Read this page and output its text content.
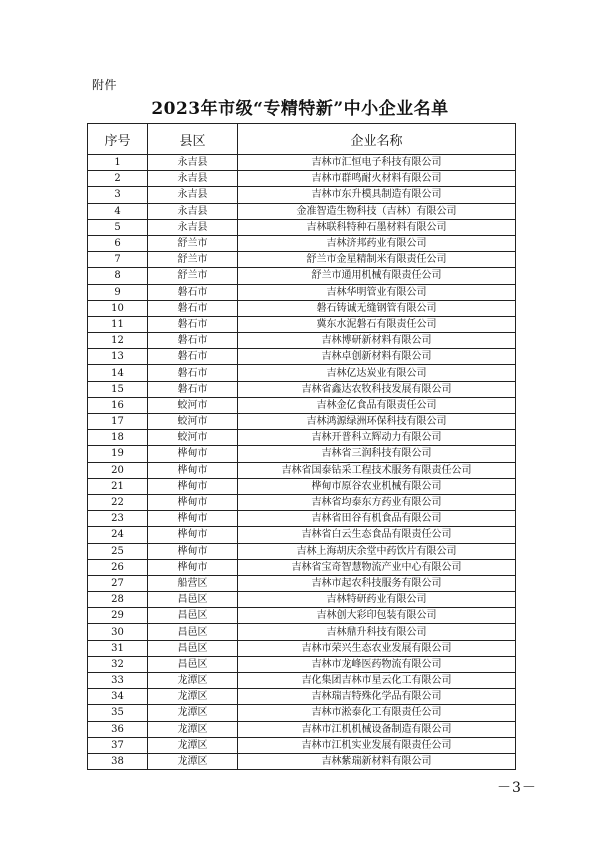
附件
2023年市级“专精特新”中小企业名单
序号	县区	企业名称
1	永吉县	吉林市汇恒电子科技有限公司
2	永吉县	吉林市群鸣耐火材料有限公司
3	永吉县	吉林市东升模具制造有限公司
4	永吉县	金准智造生物科技（吉林）有限公司
5	永吉县	吉林联科特种石墨材料有限公司
6	舒兰市	吉林济邦药业有限公司
7	舒兰市	舒兰市金星精制米有限责任公司
8	舒兰市	舒兰市通用机械有限责任公司
9	磐石市	吉林华明管业有限公司
10	磐石市	磐石铸诚无缝钢管有限公司
11	磐石市	冀东水泥磐石有限责任公司
12	磐石市	吉林博研新材料有限公司
13	磐石市	吉林卓创新材料有限公司
14	磐石市	吉林亿达炭业有限公司
15	磐石市	吉林省鑫达农牧科技发展有限公司
16	蛟河市	吉林金亿食品有限责任公司
17	蛟河市	吉林鸿源绿洲环保科技有限公司
18	蛟河市	吉林开普科立辉动力有限公司
19	桦甸市	吉林省三润科技有限公司
20	桦甸市	吉林省国泰钻采工程技术服务有限责任公司
21	桦甸市	桦甸市原谷农业机械有限公司
22	桦甸市	吉林省均泰东方药业有限公司
23	桦甸市	吉林省田谷有机食品有限公司
24	桦甸市	吉林省白云生态食品有限责任公司
25	桦甸市	吉林上海胡庆余堂中药饮片有限公司
26	桦甸市	吉林省宝奇智慧物流产业中心有限公司
27	船营区	吉林市起农科技服务有限公司
28	昌邑区	吉林特研药业有限公司
29	昌邑区	吉林创大彩印包装有限公司
30	昌邑区	吉林鼎升科技有限公司
31	昌邑区	吉林市荣兴生态农业发展有限公司
32	昌邑区	吉林市龙峰医药物流有限公司
33	龙潭区	吉化集团吉林市星云化工有限公司
34	龙潭区	吉林瑞吉特殊化学品有限公司
35	龙潭区	吉林市淞泰化工有限责任公司
36	龙潭区	吉林市江机机械设备制造有限公司
37	龙潭区	吉林市江机实业发展有限责任公司
38	龙潭区	吉林紫瑞新材料有限公司
－3－
